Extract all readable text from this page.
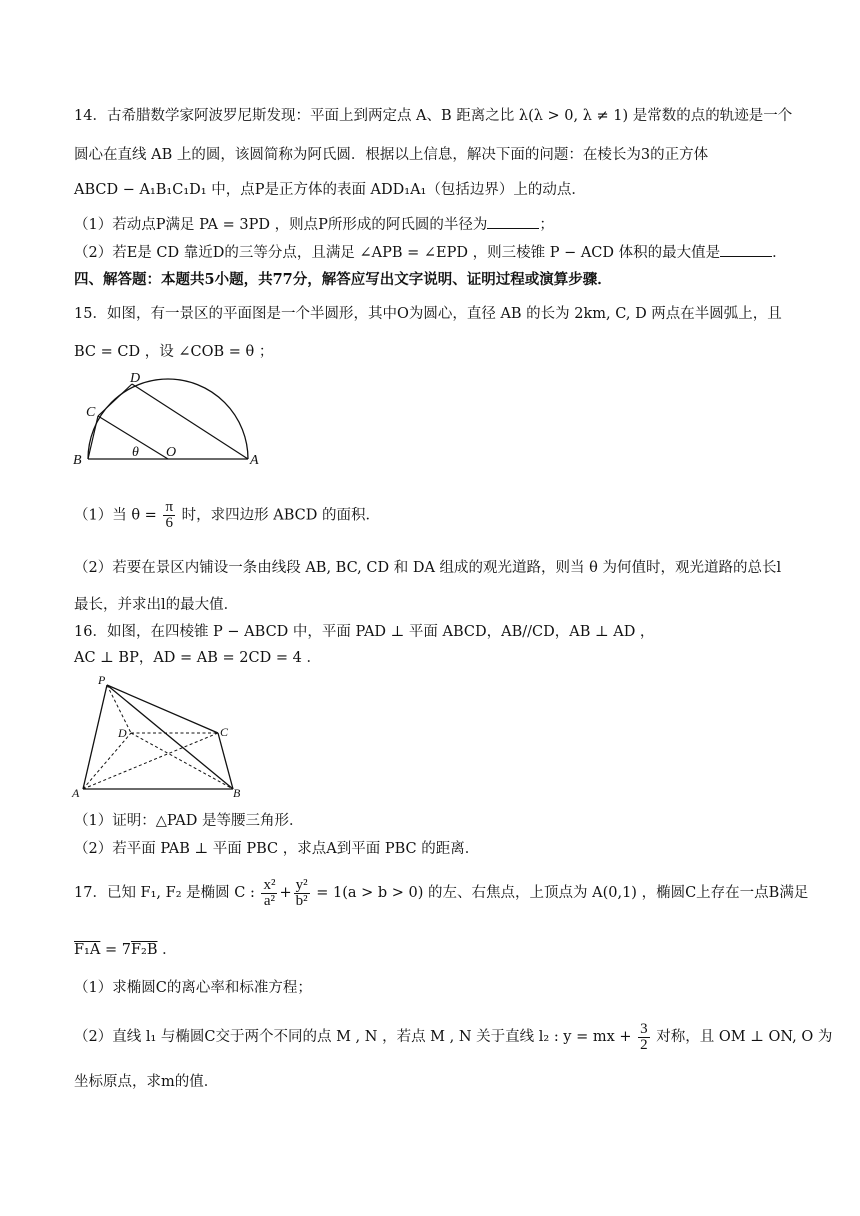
14．古希腊数学家阿波罗尼斯发现：平面上到两定点 A、B 距离之比 λ(λ > 0, λ ≠ 1) 是常数的点的轨迹是一个
圆心在直线 AB 上的圆，该圆简称为阿氏圆．根据以上信息，解决下面的问题：在棱长为3的正方体
ABCD − A₁B₁C₁D₁ 中，点P是正方体的表面 ADD₁A₁（包括边界）上的动点．
（1）若动点P满足 PA = 3PD ，则点P所形成的阿氏圆的半径为	；
（2）若E是 CD 靠近D的三等分点，且满足 ∠APB = ∠EPD ，则三棱锥 P − ACD 体积的最大值是	．
四、解答题：本题共5小题，共77分，解答应写出文字说明、证明过程或演算步骤．
15．如图，有一景区的平面图是一个半圆形，其中O为圆心，直径 AB 的长为 2km, C, D 两点在半圆弧上，且
BC = CD ，设 ∠COB = θ ；
B	A
O
C
D
θ
（1）当 $\theta = \frac{\pi}{6}$ 时，求四边形 ABCD 的面积．
（2）若要在景区内铺设一条由线段 AB, BC, CD 和 DA 组成的观光道路，则当 θ 为何值时，观光道路的总长l
最长，并求出l的最大值．
16．如图，在四棱锥 P − ABCD 中，平面 PAD ⊥ 平面 ABCD，AB//CD，AB ⊥ AD ，
AC ⊥ BP，AD = AB = 2CD = 4 ．
P
D	C
A	B
（1）证明：△PAD 是等腰三角形．
（2）若平面 PAB ⊥ 平面 PBC ，求点A到平面 PBC 的距离．
17．已知 F₁, F₂ 是椭圆 C : $\frac{\text{x²}}{\text{a²}} + \frac{\text{y²}}{\text{b²}} = 1(a > b > 0)$ 的左、右焦点，上顶点为 A(0,1) ，椭圆C上存在一点B满足
F₁A = 7F₂B ．
（1）求椭圆C的离心率和标准方程；
（2）直线 l₁ 与椭圆C交于两个不同的点 M , N ，若点 M , N 关于直线 l₂ : y = mx + $\frac{3}{2}$ 对称，且 OM ⊥ ON, O 为
坐标原点，求m的值．
